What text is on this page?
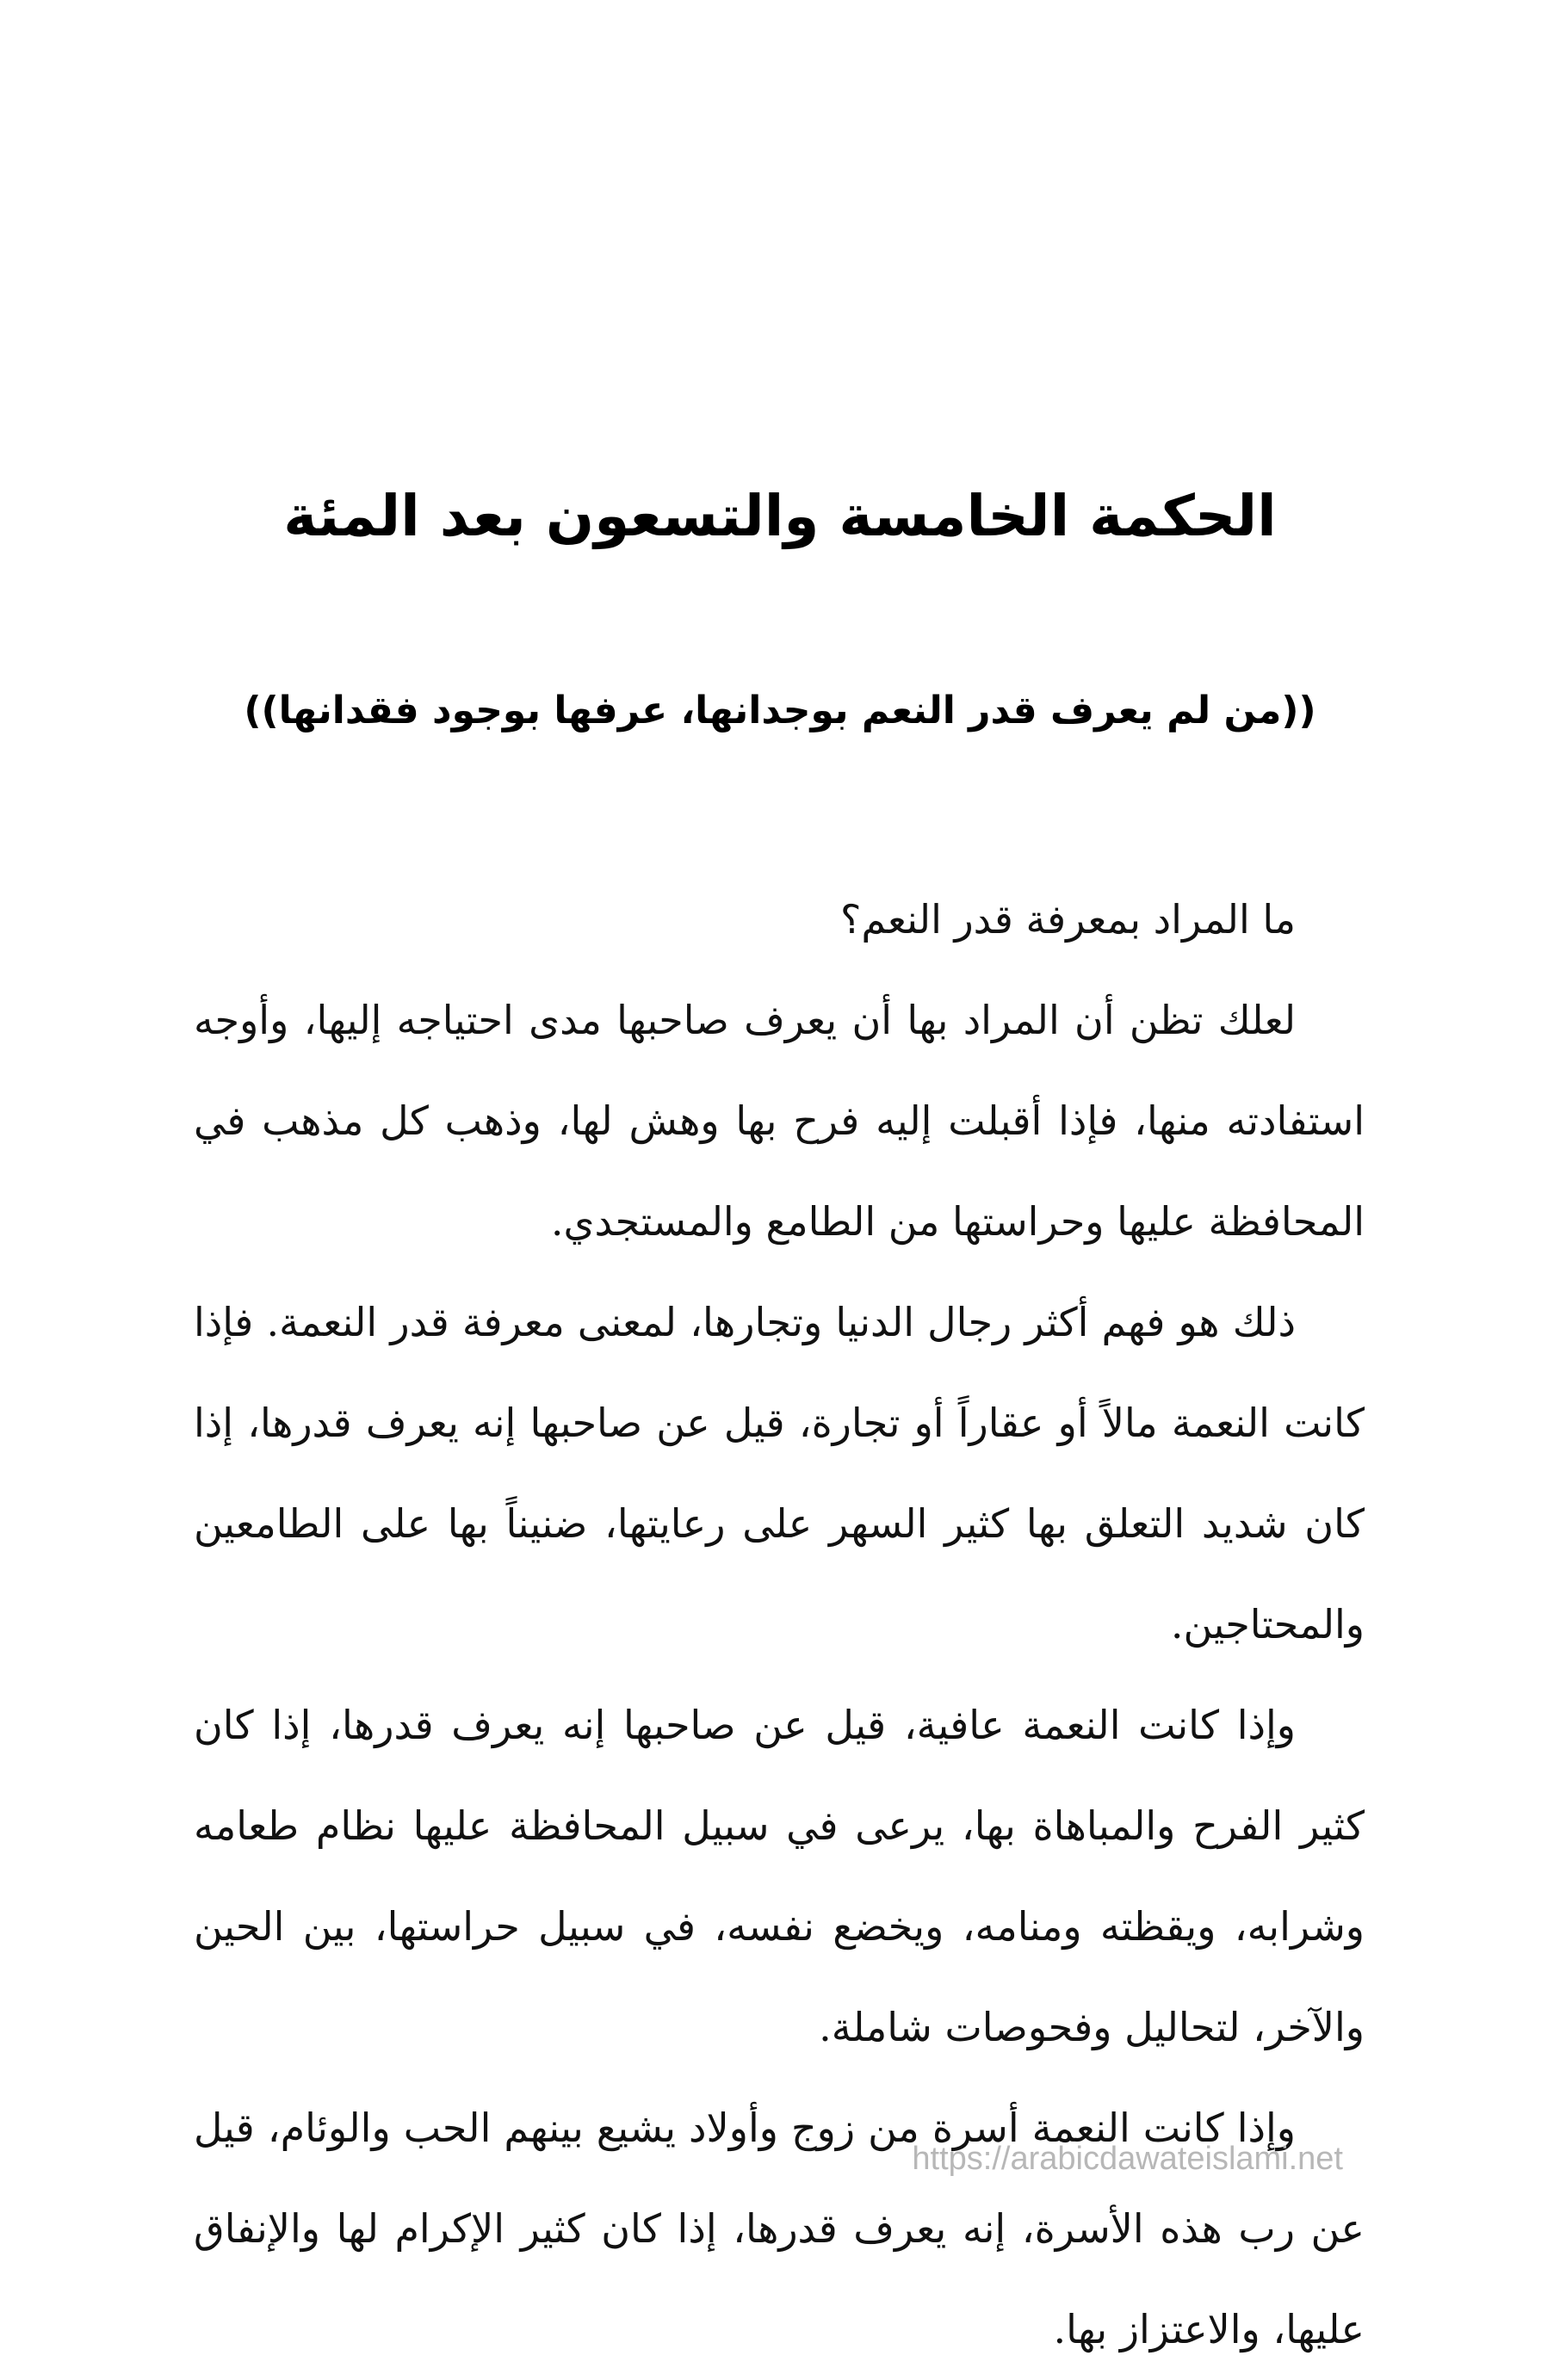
الحكمة الخامسة والتسعون بعد المئة
((من لم يعرف قدر النعم بوجدانها، عرفها بوجود فقدانها))

ما المراد بمعرفة قدر النعم؟

لعلك تظن أن المراد بها أن يعرف صاحبها مدى احتياجه إليها، وأوجه استفادته منها، فإذا أقبلت إليه فرح بها وهش لها، وذهب كل مذهب في المحافظة عليها وحراستها من الطامع والمستجدي.

ذلك هو فهم أكثر رجال الدنيا وتجارها، لمعنى معرفة قدر النعمة. فإذا كانت النعمة مالاً أو عقاراً أو تجارة، قيل عن صاحبها إنه يعرف قدرها، إذا كان شديد التعلق بها كثير السهر على رعايتها، ضنيناً بها على الطامعين والمحتاجين.

وإذا كانت النعمة عافية، قيل عن صاحبها إنه يعرف قدرها، إذا كان كثير الفرح والمباهاة بها، يرعى في سبيل المحافظة عليها نظام طعامه وشرابه، ويقظته ومنامه، ويخضع نفسه، في سبيل حراستها، بين الحين والآخر، لتحاليل وفحوصات شاملة.

وإذا كانت النعمة أسرة من زوج وأولاد يشيع بينهم الحب والوئام، قيل عن رب هذه الأسرة، إنه يعرف قدرها، إذا كان كثير الإكرام لها والإنفاق عليها، والاعتزاز بها.

https://arabicdawateislami.net
